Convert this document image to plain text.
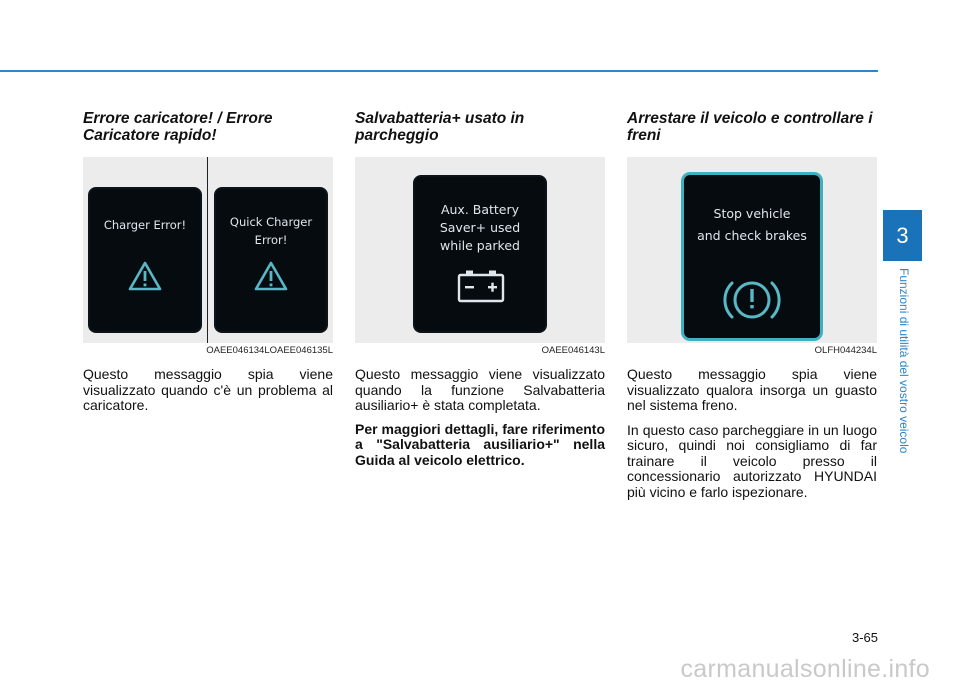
Errore caricatore! / Errore Caricatore rapido!
Charger Error!	Quick Charger
Error!
OAEE046134LOAEE046135L

Questo messaggio spia viene visualizzato quando c'è un problema al caricatore.

Salvabatteria+ usato in parcheggio
Aux. Battery
Saver+ used
while parked
OAEE046143L

Questo messaggio viene visualizzato quando la funzione Salvabatteria ausiliario+ è stata completata.

Per maggiori dettagli, fare riferimento a "Salvabatteria ausiliario+" nella Guida al veicolo elettrico.

Arrestare il veicolo e controllare i freni
Stop vehicle
and check brakes
OLFH044234L

Questo messaggio spia viene visualizzato qualora insorga un guasto nel sistema freno.

In questo caso parcheggiare in un luogo sicuro, quindi noi consigliamo di far trainare il veicolo presso il concessionario autorizzato HYUNDAI più vicino e farlo ispezionare.

3
Funzioni di utilità del vostro veicolo
3-65
carmanualsonline.info
